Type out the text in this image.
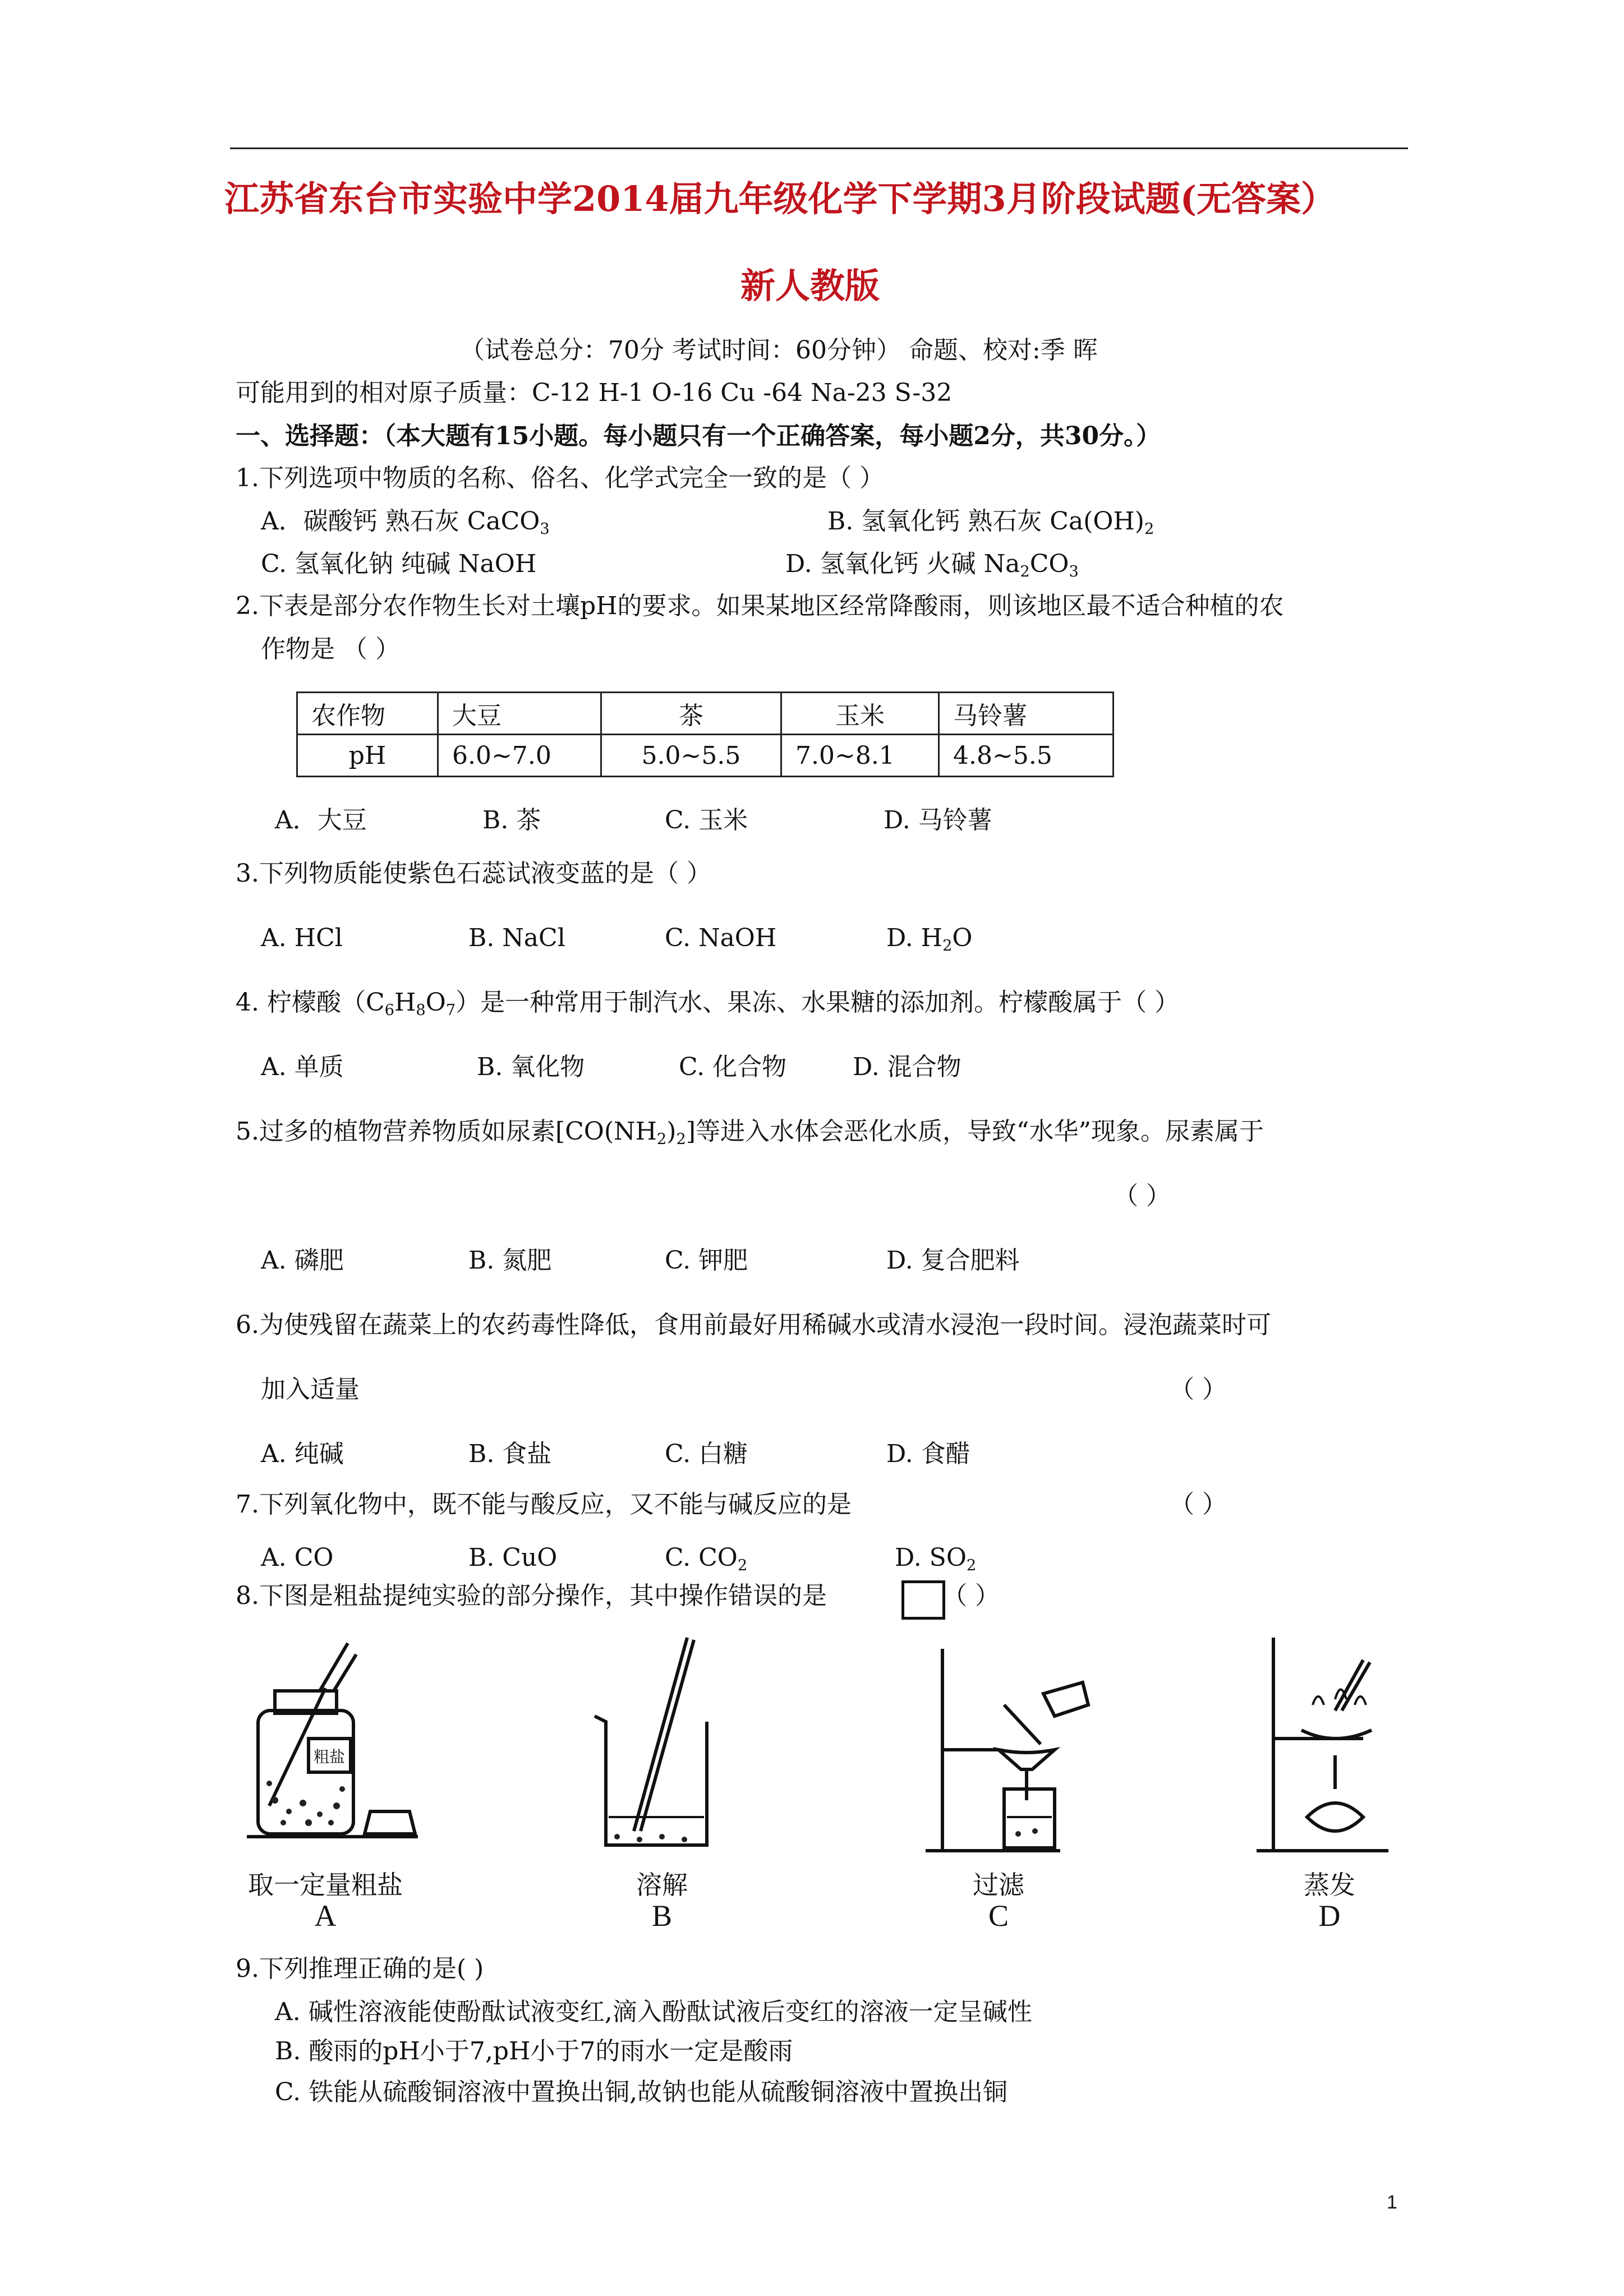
江苏省东台市实验中学2014届九年级化学下学期3月阶段试题(无答案）
新人教版
（试卷总分：70分 考试时间：60分钟） 命题、校对:季 晖
可能用到的相对原子质量：C-12 H-1 O-16 Cu -64 Na-23 S-32
一、选择题：（本大题有15小题。每小题只有一个正确答案，每小题2分，共30分。）
1.下列选项中物质的名称、俗名、化学式完全一致的是（ ）
A．碳酸钙 熟石灰 CaCO$_3$	B. 氢氧化钙 熟石灰 $Ca(OH)_2$
C. 氢氧化钠 纯碱 NaOH	D. 氢氧化钙 火碱 $Na_2CO_3$
2.下表是部分农作物生长对土壤pH的要求。如果某地区经常降酸雨，则该地区最不适合种植的农
作物是 （ ）
农作物	大豆	茶	玉米	马铃薯
pH	6.0~7.0	5.0~5.5	7.0~8.1	4.8~5.5
A．大豆	B. 茶	C. 玉米	D. 马铃薯
3.下列物质能使紫色石蕊试液变蓝的是（ ）
A. HCl	B. NaCl	C. NaOH	D. $H_2O$
4. 柠檬酸$(C_6H_8O_7)$是一种常用于制汽水、果冻、水果糖的添加剂。柠檬酸属于（ ）
A. 单质	B. 氧化物	C. 化合物	D. 混合物
5.过多的植物营养物质如尿素$[CO(NH_2)_2]$等进入水体会恶化水质，导致“水华”现象。尿素属于
（ ）
A. 磷肥	B. 氮肥	C. 钾肥	D. 复合肥料
6.为使残留在蔬菜上的农药毒性降低，食用前最好用稀碱水或清水浸泡一段时间。浸泡蔬菜时可
加入适量	（ ）
A. 纯碱	B. 食盐	C. 白糖	D. 食醋
7.下列氧化物中，既不能与酸反应，又不能与碱反应的是	（ ）
A. CO	B. CuO	C. $CO_2$	D. $SO_2$
8.下图是粗盐提纯实验的部分操作，其中操作错误的是	（ ）
粗盐
取一定量粗盐	溶解	过滤	蒸发
A	B	C	D
9.下列推理正确的是( )
A. 碱性溶液能使酚酞试液变红,滴入酚酞试液后变红的溶液一定呈碱性
B. 酸雨的pH小于7,pH小于7的雨水一定是酸雨
C. 铁能从硫酸铜溶液中置换出铜,故钠也能从硫酸铜溶液中置换出铜
1
